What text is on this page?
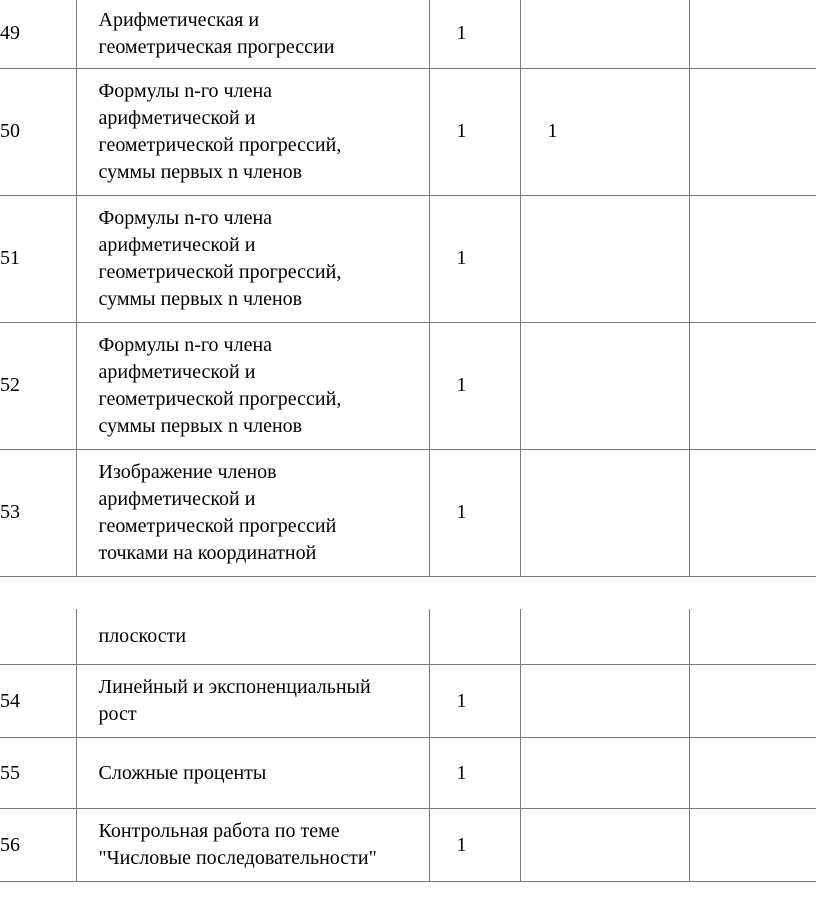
49	Арифметическая и
геометрическая прогрессии	1		
50	Формулы n-го члена
арифметической и
геометрической прогрессий,
суммы первых n членов	1	1	
51	Формулы n-го члена
арифметической и
геометрической прогрессий,
суммы первых n членов	1		
52	Формулы n-го члена
арифметической и
геометрической прогрессий,
суммы первых n членов	1		
53	Изображение членов
арифметической и
геометрической прогрессий
точками на координатной	1		

	плоскости			

54	Линейный и экспоненциальный
рост	1		
55	Сложные проценты	1		
56	Контрольная работа по теме
"Числовые последовательности"	1		
